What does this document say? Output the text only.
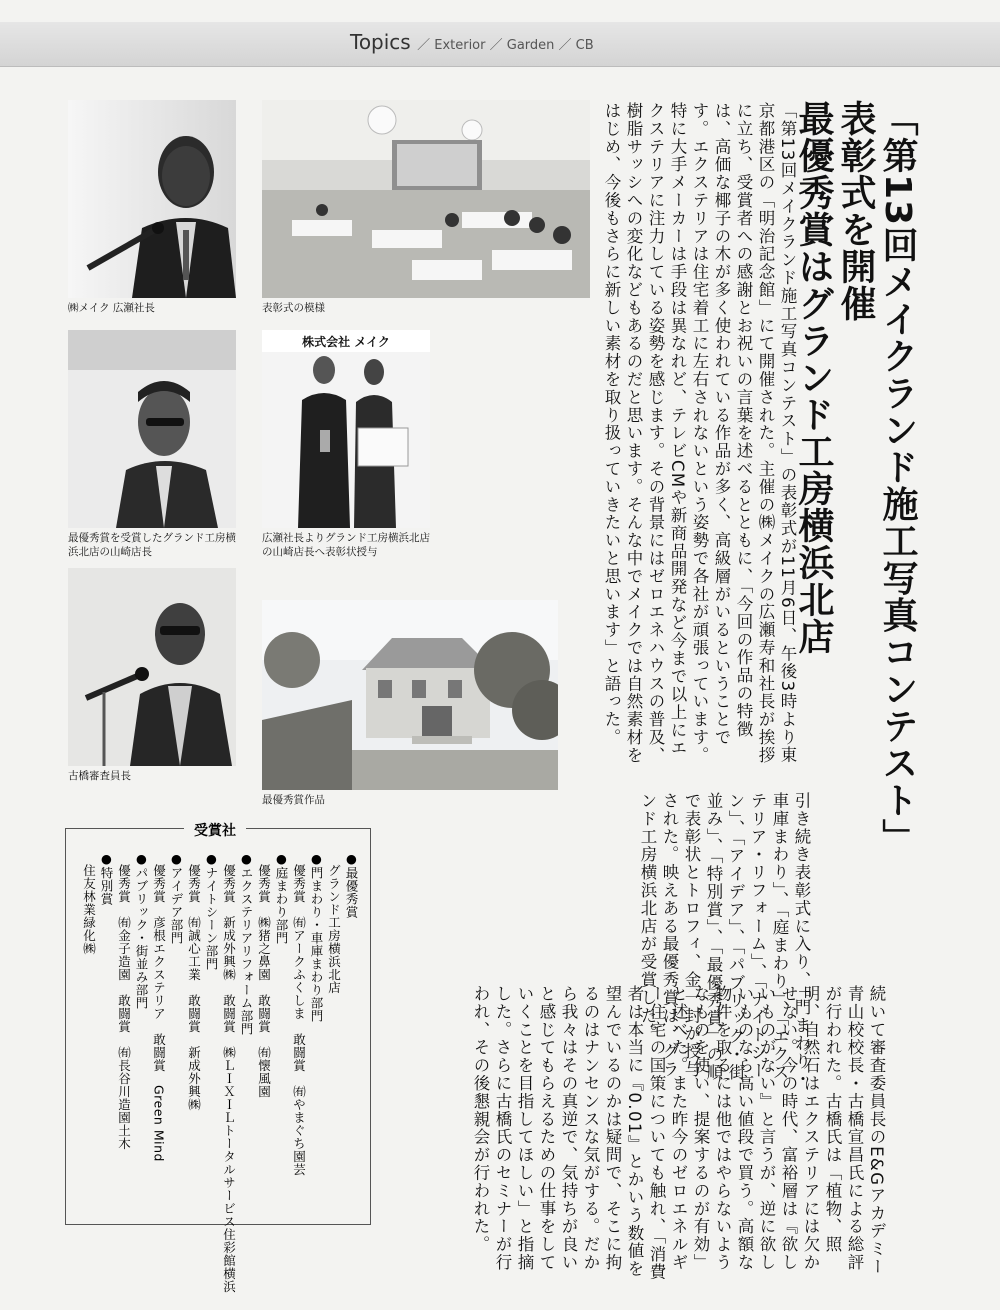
Topics ／ Exterior ／ Garden ／ CB
「第13回メイクランド施工写真コンテスト」表彰式を開催
最優秀賞はグランド工房横浜北店
「第13回メイクランド施工写真コンテスト」の表彰式が11月6日、午後3時より東京都港区の「明治記念館」にて開催された。主催の㈱メイクの広瀬寿和社長が挨拶に立ち、受賞者への感謝とお祝いの言葉を述べるとともに、「今回の作品の特徴は、高価な椰子の木が多く使われている作品が多く、高級層がいるということです。エクステリアは住宅着工に左右されないという姿勢で各社が頑張っています。特に大手メーカーは手段は異なれど、テレビCMや新商品開発など今まで以上にエクステリアに注力している姿勢を感じます。その背景にはゼロエネハウスの普及、樹脂サッシへの変化などもあるのだと思います。そんな中でメイクでは自然素材をはじめ、今後もさらに新しい素材を取り扱っていきたいと思います」と語った。
引き続き表彰式に入り、「門まわり・車庫まわり」、「庭まわり」、「エクステリア・リフォーム」、「ナイトシーン」、「アイデア」、「パブリック・街並み」、「特別賞」、「最優秀賞」の順で表彰状とトロフィ、金一封が授与された。映えある最優秀賞は、グランド工房横浜北店が受賞した。
続いて審査委員長のE&Gアカデミー青山校校長・古橋宣昌氏による総評が行われた。古橋氏は「植物、照明、自然石はエクステリアには欠かせない。今の時代、富裕層は『欲しいものがない』と言うが、逆に欲しいものなら高い値段で買う。高額な物件を取るには他ではやらないようなものを使い、提案するのが有効」と述べた。また昨今のゼロエネルギー住宅の国策についても触れ、「消費者は本当に『0.01』とかいう数値を望んでいるのかは疑問で、そこに拘るのはナンセンスな気がする。だから我々はその真逆で、気持ちが良いと感じてもらえるための仕事をしていくことを目指してほしい」と指摘した。さらに古橋氏のセミナーが行われ、その後懇親会が行われた。
㈱メイク 広瀬社長	表彰式の模様
最優秀賞を受賞したグランド工房横浜北店の山崎店長
株式会社 メイク
広瀬社長よりグランド工房横浜北店の山崎店長へ表彰状授与
古橋審査員長
最優秀賞作品
受賞社
●最優秀賞
　グランド工房横浜北店
●門まわり・車庫まわり部門
　優秀賞　㈲アークふくしま　敢闘賞　㈲やまぐち園芸
●庭まわり部門
　優秀賞　㈱猪之鼻園　敢闘賞　㈲懐風園
●エクステリアリフォーム部門
　優秀賞　新成外興㈱　敢闘賞　㈱ＬＩＸＩＬトータルサービス住彩館横浜
●ナイトシーン部門
　優秀賞　㈲誠心工業　敢闘賞　新成外興㈱
●アイデア部門
　優秀賞　彦根エクステリア　敢闘賞　Green Mind
●パブリック・街並み部門
　優秀賞　㈲金子造園　敢闘賞　㈲長谷川造園土木
●特別賞
　住友林業緑化㈱
